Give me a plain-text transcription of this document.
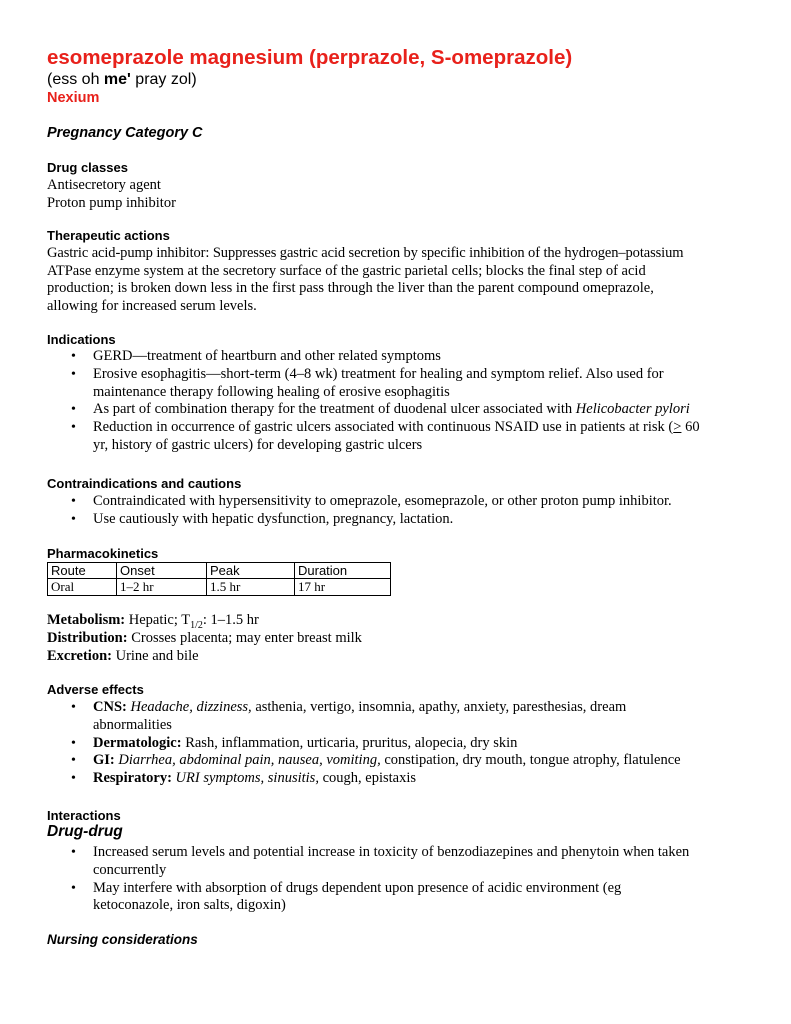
esomeprazole magnesium (perprazole, S-omeprazole)

(ess oh me' pray zol)

Nexium

Pregnancy Category C

Drug classes

Antisecretory agent

Proton pump inhibitor

Therapeutic actions

Gastric acid-pump inhibitor: Suppresses gastric acid secretion by specific inhibition of the hydrogen–potassium

ATPase enzyme system at the secretory surface of the gastric parietal cells; blocks the final step of acid

production; is broken down less in the first pass through the liver than the parent compound omeprazole,

allowing for increased serum levels.

Indications

• GERD—treatment of heartburn and other related symptoms
• Erosive esophagitis—short-term (4–8 wk) treatment for healing and symptom relief. Also used for
maintenance therapy following healing of erosive esophagitis
• As part of combination therapy for the treatment of duodenal ulcer associated with Helicobacter pylori
• Reduction in occurrence of gastric ulcers associated with continuous NSAID use in patients at risk (≥ 60
yr, history of gastric ulcers) for developing gastric ulcers

Contraindications and cautions

• Contraindicated with hypersensitivity to omeprazole, esomeprazole, or other proton pump inhibitor.
• Use cautiously with hepatic dysfunction, pregnancy, lactation.

Pharmacokinetics

Route	Onset	Peak	Duration
Oral	1–2 hr	1.5 hr	17 hr

Metabolism: Hepatic; $T_{1/2}$: 1–1.5 hr

Distribution: Crosses placenta; may enter breast milk

Excretion: Urine and bile

Adverse effects

• CNS: Headache, dizziness, asthenia, vertigo, insomnia, apathy, anxiety, paresthesias, dream
abnormalities
• Dermatologic: Rash, inflammation, urticaria, pruritus, alopecia, dry skin
• GI: Diarrhea, abdominal pain, nausea, vomiting, constipation, dry mouth, tongue atrophy, flatulence
• Respiratory: URI symptoms, sinusitis, cough, epistaxis

Interactions

Drug-drug

• Increased serum levels and potential increase in toxicity of benzodiazepines and phenytoin when taken
concurrently
• May interfere with absorption of drugs dependent upon presence of acidic environment (eg
ketoconazole, iron salts, digoxin)

Nursing considerations
